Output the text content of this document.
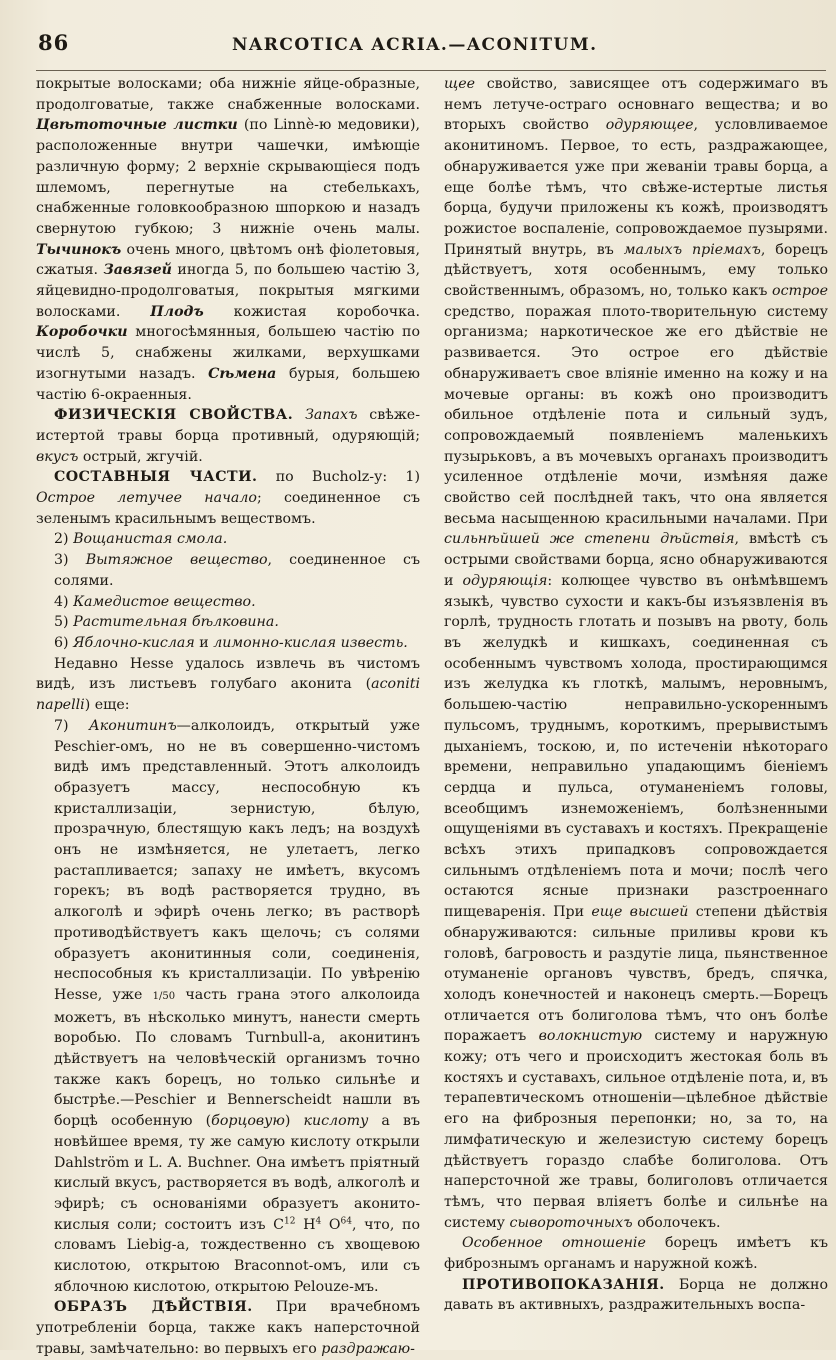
86	NARCOTICA ACRIA.—ACONITUM.

покрытые волосками; оба нижніе яйце-образные, продолговатые, также снабженные волосками. Цвѣтоточные листки (по Linnè-ю медовики), расположенные внутри чашечки, имѣющіе различную форму; 2 верхніе скрывающіеся подъ шлемомъ, перегнутые на стебелькахъ, снабженные головкообразною шпоркою и назадъ свернутою губкою; 3 нижніе очень малы. Тычинокъ очень много, цвѣтомъ онѣ фіолетовыя, сжатыя. Завязей иногда 5, по большею частію 3, яйцевидно-продолговатыя, покрытыя мягкими волосками. Плодъ кожистая коробочка. Коробочки многосѣмянныя, большею частію по числѣ 5, снабжены жилками, верхушками изогнутыми назадъ. Сѣмена бурыя, большею частію 6-окраенныя.

ФИЗИЧЕСКІЯ СВОЙСТВА. Запахъ свѣже-истертой травы борца противный, одуряющій; вкусъ острый, жгучій.

СОСТАВНЫЯ ЧАСТИ. по Bucholz-у: 1) Острое летучее начало; соединенное съ зеленымъ красильнымъ веществомъ.

2) Вощанистая смола.

3) Вытяжное вещество, соединенное съ солями.

4) Камедистое вещество.

5) Растительная бѣлковина.

6) Яблочно-кислая и лимонно-кислая известь.

Недавно Hesse удалось извлечь въ чистомъ видѣ, изъ листьевъ голубаго аконита (aconiti napelli) еще:

7) Аконитинъ—алколоидъ, открытый уже Peschier-омъ, но не въ совершенно-чистомъ видѣ имъ представленный. Этотъ алколоидъ образуетъ массу, неспособную къ кристаллизаціи, зернистую, бѣлую, прозрачную, блестящую какъ ледъ; на воздухѣ онъ не измѣняется, не улетаетъ, легко растапливается; запаху не имѣетъ, вкусомъ горекъ; въ водѣ растворяется трудно, въ алкоголѣ и эфирѣ очень легко; въ растворѣ противодѣйствуетъ какъ щелочь; съ солями образуетъ аконитинныя соли, соединенія, неспособныя къ кристаллизаціи. По увѣренію Hesse, уже 1/50 часть грана этого алколоида можетъ, въ нѣсколько минутъ, нанести смерть воробью. По словамъ Turnbull-а, аконитинъ дѣйствуетъ на человѣческій организмъ точно также какъ борецъ, но только сильнѣе и быстрѣе.—Peschier и Bennerscheidt нашли въ борцѣ особенную (борцовую) кислоту а въ новѣйшее время, ту же самую кислоту открыли Dahlström и L. A. Buchner. Она имѣетъ пріятный кислый вкусъ, растворяется въ водѣ, алкоголѣ и эфирѣ; съ основаніями образуетъ аконито-кислыя соли; состоитъ изъ $C^{12}$ $H^4$ $O^{64}$, что, по словамъ Liebig-а, тождественно съ хвощевою кислотою, открытою Braconnot-омъ, или съ яблочною кислотою, открытою Pelouze-мъ.

ОБРАЗЪ ДѢЙСТВІЯ. При врачебномъ употребленіи борца, также какъ наперсточной травы, замѣчательно: во первыхъ его раздражаю-

щее свойство, зависящее отъ содержимаго въ немъ летуче-остраго основнаго вещества; и во вторыхъ свойство одуряющее, условливаемое аконитиномъ. Первое, то есть, раздражающее, обнаруживается уже при жеваніи травы борца, а еще болѣе тѣмъ, что свѣже-истертые листья борца, будучи приложены къ кожѣ, производятъ рожистое воспаленіе, сопровождаемое пузырями. Принятый внутрь, въ малыхъ пріемахъ, борецъ дѣйствуетъ, хотя особеннымъ, ему только свойственнымъ, образомъ, но, только какъ острое средство, поражая плото-творительную систему организма; наркотическое же его дѣйствіе не развивается. Это острое его дѣйствіе обнаруживаетъ свое вліяніе именно на кожу и на мочевые органы: въ кожѣ оно производитъ обильное отдѣленіе пота и сильный зудъ, сопровождаемый появленіемъ маленькихъ пузырьковъ, а въ мочевыхъ органахъ производитъ усиленное отдѣленіе мочи, измѣняя даже свойство сей послѣдней такъ, что она является весьма насыщенною красильными началами. При сильнѣйшей же степени дѣйствія, вмѣстѣ съ острыми свойствами борца, ясно обнаруживаются и одуряющія: колющее чувство въ онѣмѣвшемъ языкѣ, чувство сухости и какъ-бы изъязвленія въ горлѣ, трудность глотать и позывъ на рвоту, боль въ желудкѣ и кишкахъ, соединенная съ особеннымъ чувствомъ холода, простирающимся изъ желудка къ глоткѣ, малымъ, неровнымъ, большею-частію неправильно-ускореннымъ пульсомъ, труднымъ, короткимъ, прерывистымъ дыханіемъ, тоскою, и, по истеченіи нѣкотораго времени, неправильно упадающимъ біеніемъ сердца и пульса, отуманеніемъ головы, всеобщимъ изнеможеніемъ, болѣзненными ощущеніями въ суставахъ и костяхъ. Прекращеніе всѣхъ этихъ припадковъ сопровождается сильнымъ отдѣленіемъ пота и мочи; послѣ чего остаются ясные признаки разстроеннаго пищеваренія. При еще высшей степени дѣйствія обнаруживаются: сильные приливы крови къ головѣ, багровость и раздутіе лица, пьянственное отуманеніе органовъ чувствъ, бредъ, спячка, холодъ конечностей и наконецъ смерть.—Борецъ отличается отъ болиголова тѣмъ, что онъ болѣе поражаетъ волокнистую систему и наружную кожу; отъ чего и происходитъ жестокая боль въ костяхъ и суставахъ, сильное отдѣленіе пота, и, въ терапевтическомъ отношеніи—цѣлебное дѣйствіе его на фиброзныя перепонки; но, за то, на лимфатическую и железистую систему борецъ дѣйствуетъ гораздо слабѣе болиголова. Отъ наперсточной же травы, болиголовъ отличается тѣмъ, что первая вліяетъ болѣе и сильнѣе на систему сывороточныхъ оболочекъ.

Особенное отношеніе борецъ имѣетъ къ фибрознымъ органамъ и наружной кожѣ.

ПРОТИВОПОКАЗАНІЯ. Борца не должно давать въ активныхъ, раздражительныхъ воспа-
